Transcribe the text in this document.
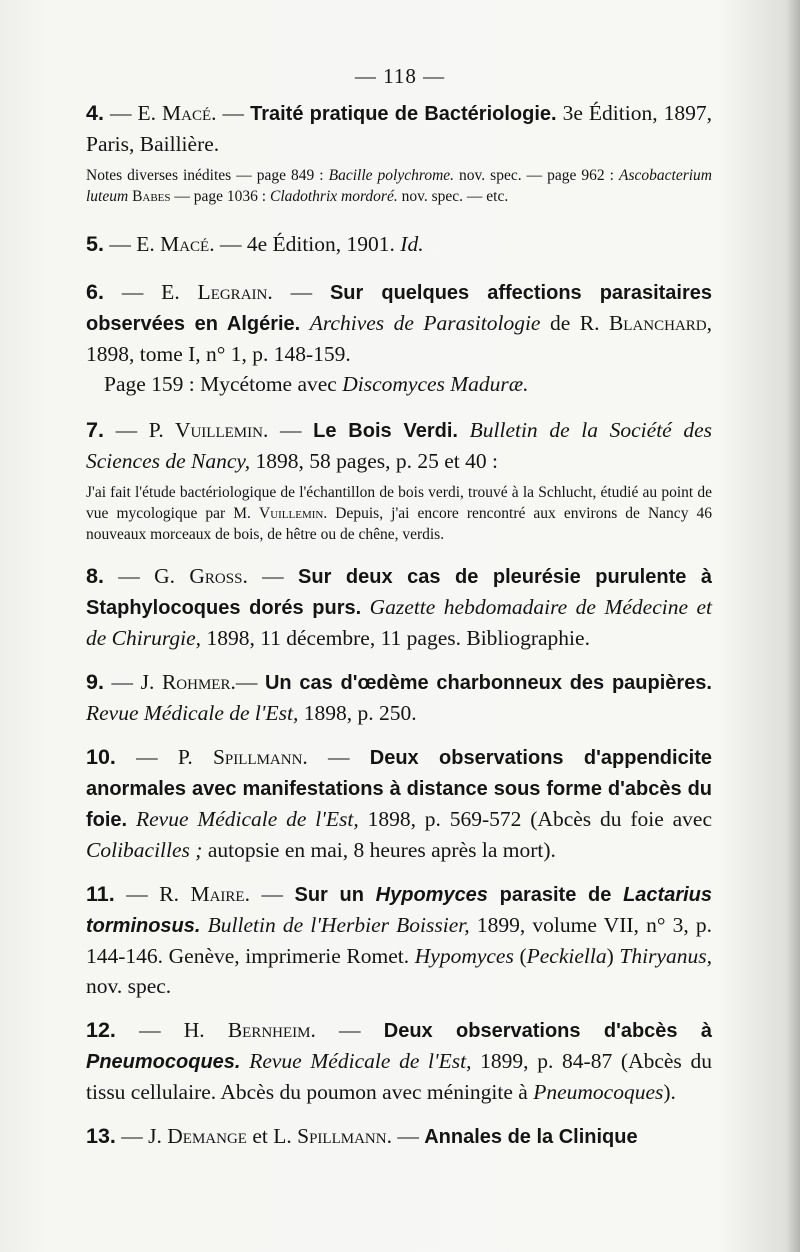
— 118 —
4. — E. Macé. — Traité pratique de Bactériologie. 3e Édition, 1897, Paris, Baillière.
Notes diverses inédites — page 849 : Bacille polychrome. nov. spec. — page 962 : Ascobacterium luteum Babes — page 1036 : Cladothrix mordoré. nov. spec. — etc.
5. — E. Macé. — 4e Édition, 1901. Id.
6. — E. Legrain. — Sur quelques affections parasitaires observées en Algérie. Archives de Parasitologie de R. Blanchard, 1898, tome I, n° 1, p. 148-159.
Page 159 : Mycétome avec Discomyces Maduræ.
7. — P. Vuillemin. — Le Bois Verdi. Bulletin de la Société des Sciences de Nancy, 1898, 58 pages, p. 25 et 40 :
J'ai fait l'étude bactériologique de l'échantillon de bois verdi, trouvé à la Schlucht, étudié au point de vue mycologique par M. Vuillemin. Depuis, j'ai encore rencontré aux environs de Nancy 46 nouveaux morceaux de bois, de hêtre ou de chêne, verdis.
8. — G. Gross. — Sur deux cas de pleurésie purulente à Staphylocoques dorés purs. Gazette hebdomadaire de Médecine et de Chirurgie, 1898, 11 décembre, 11 pages. Bibliographie.
9. — J. Rohmer.— Un cas d'œdème charbonneux des paupières. Revue Médicale de l'Est, 1898, p. 250.
10. — P. Spillmann. — Deux observations d'appendicite anormales avec manifestations à distance sous forme d'abcès du foie. Revue Médicale de l'Est, 1898, p. 569-572 (Abcès du foie avec Colibacilles ; autopsie en mai, 8 heures après la mort).
11. — R. Maire. — Sur un Hypomyces parasite de Lactarius torminosus. Bulletin de l'Herbier Boissier, 1899, volume VII, n° 3, p. 144-146. Genève, imprimerie Romet. Hypomyces (Peckiella) Thiryanus, nov. spec.
12. — H. Bernheim. — Deux observations d'abcès à Pneumocoques. Revue Médicale de l'Est, 1899, p. 84-87 (Abcès du tissu cellulaire. Abcès du poumon avec méningite à Pneumocoques).
13. — J. Demange et L. Spillmann. — Annales de la Clinique
